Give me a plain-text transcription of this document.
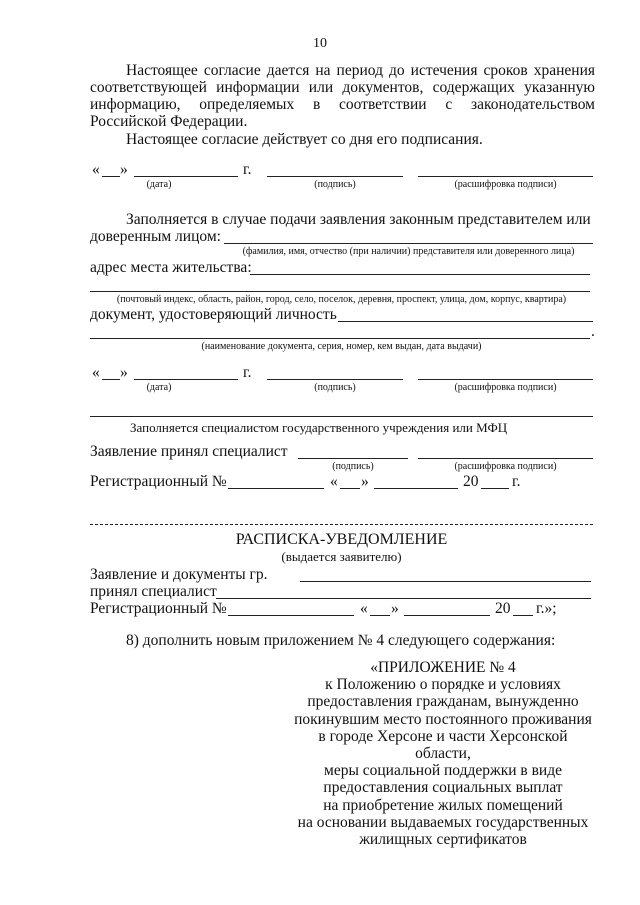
10

Настоящее согласие дается на период до истечения сроков хранения соответствующей информации или документов, содержащих указанную информацию, определяемых в соответствии с законодательством Российской Федерации.

Настоящее согласие действует со дня его подписания.

« »	г.
(дата)	(подпись)	(расшифровка подписи)
Заполняется в случае подачи заявления законным представителем или
доверенным лицом:
(фамилия, имя, отчество (при наличии) представителя или доверенного лица)
адрес места жительства:
(почтовый индекс, область, район, город, село, поселок, деревня, проспект, улица, дом, корпус, квартира)
документ, удостоверяющий личность
.
(наименование документа, серия, номер, кем выдан, дата выдачи)
« »	г.
(дата)	(подпись)	(расшифровка подписи)
Заполняется специалистом государственного учреждения или МФЦ
Заявление принял специалист
(подпись)	(расшифровка подписи)
Регистрационный №	« »	20 г.
РАСПИСКА-УВЕДОМЛЕНИЕ
(выдается заявителю)
Заявление и документы гр.
принял специалист
Регистрационный №	« »	20 г.»;
8) дополнить новым приложением № 4 следующего содержания:
«ПРИЛОЖЕНИЕ № 4
к Положению о порядке и условиях
предоставления гражданам, вынужденно
покинувшим место постоянного проживания
в городе Херсоне и части Херсонской области,
меры социальной поддержки в виде
предоставления социальных выплат
на приобретение жилых помещений
на основании выдаваемых государственных
жилищных сертификатов
